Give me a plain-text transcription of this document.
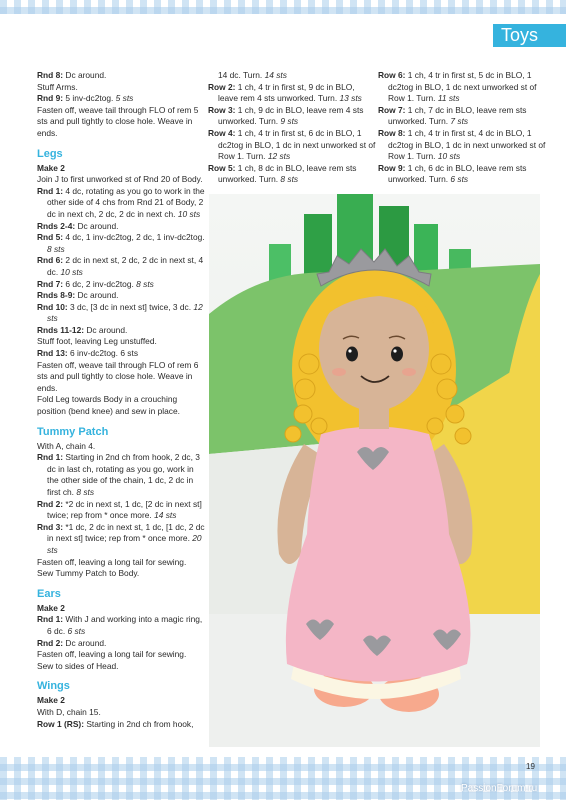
Toys

Rnd 8: Dc around.

Stuff Arms.

Rnd 9: 5 inv-dc2tog. 5 sts

Fasten off, weave tail through FLO of rem 5 sts and pull tightly to close hole. Weave in ends.

Legs

Make 2

Join J to first unworked st of Rnd 20 of Body.

Rnd 1: 4 dc, rotating as you go to work in the other side of 4 chs from Rnd 21 of Body, 2 dc in next ch, 2 dc, 2 dc in next ch. 10 sts

Rnds 2-4: Dc around.

Rnd 5: 4 dc, 1 inv-dc2tog, 2 dc, 1 inv-dc2tog. 8 sts

Rnd 6: 2 dc in next st, 2 dc, 2 dc in next st, 4 dc. 10 sts

Rnd 7: 6 dc, 2 inv-dc2tog. 8 sts

Rnds 8-9: Dc around.

Rnd 10: 3 dc, [3 dc in next st] twice, 3 dc. 12 sts

Rnds 11-12: Dc around.

Stuff foot, leaving Leg unstuffed.

Rnd 13: 6 inv-dc2tog. 6 sts

Fasten off, weave tail through FLO of rem 6 sts and pull tightly to close hole. Weave in ends.

Fold Leg towards Body in a crouching position (bend knee) and sew in place.

Tummy Patch

With A, chain 4.

Rnd 1: Starting in 2nd ch from hook, 2 dc, 3 dc in last ch, rotating as you go, work in the other side of the chain, 1 dc, 2 dc in first ch. 8 sts

Rnd 2: *2 dc in next st, 1 dc, [2 dc in next st] twice; rep from * once more. 14 sts

Rnd 3: *1 dc, 2 dc in next st, 1 dc, [1 dc, 2 dc in next st] twice; rep from * once more. 20 sts

Fasten off, leaving a long tail for sewing.

Sew Tummy Patch to Body.

Ears

Make 2

Rnd 1: With J and working into a magic ring, 6 dc. 6 sts

Rnd 2: Dc around.

Fasten off, leaving a long tail for sewing.

Sew to sides of Head.

Wings

Make 2

With D, chain 15.

Row 1 (RS): Starting in 2nd ch from hook,

14 dc. Turn. 14 sts

Row 2: 1 ch, 4 tr in first st, 9 dc in BLO, leave rem 4 sts unworked. Turn. 13 sts

Row 3: 1 ch, 9 dc in BLO, leave rem 4 sts unworked. Turn. 9 sts

Row 4: 1 ch, 4 tr in first st, 6 dc in BLO, 1 dc2tog in BLO, 1 dc in next unworked st of Row 1. Turn. 12 sts

Row 5: 1 ch, 8 dc in BLO, leave rem sts unworked. Turn. 8 sts

Row 6: 1 ch, 4 tr in first st, 5 dc in BLO, 1 dc2tog in BLO, 1 dc next unworked st of Row 1. Turn. 11 sts

Row 7: 1 ch, 7 dc in BLO, leave rem sts unworked. Turn. 7 sts

Row 8: 1 ch, 4 tr in first st, 4 dc in BLO, 1 dc2tog in BLO, 1 dc in next unworked st of Row 1. Turn. 10 sts

Row 9: 1 ch, 6 dc in BLO, leave rem sts unworked. Turn. 6 sts

19
PassionForum.ru
